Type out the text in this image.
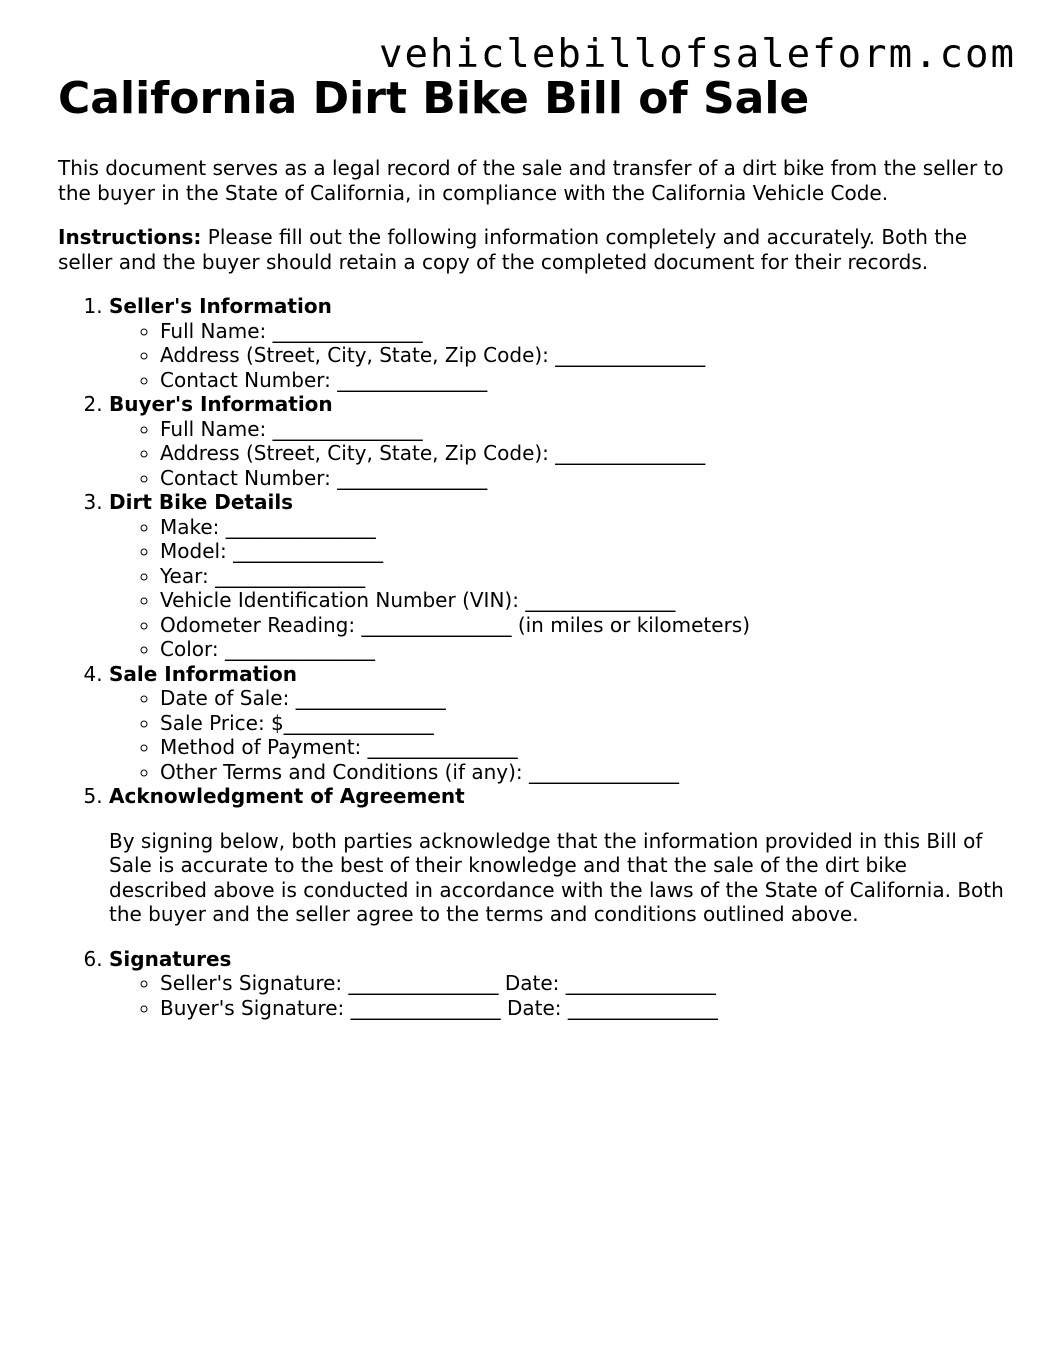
vehiclebillofsaleform.com
California Dirt Bike Bill of Sale

This document serves as a legal record of the sale and transfer of a dirt bike from the seller to the buyer in the State of California, in compliance with the California Vehicle Code.

Instructions: Please fill out the following information completely and accurately. Both the seller and the buyer should retain a copy of the completed document for their records.

1. Seller's Information
◦ Full Name: _______________
◦ Address (Street, City, State, Zip Code): _______________
◦ Contact Number: _______________
2. Buyer's Information
◦ Full Name: _______________
◦ Address (Street, City, State, Zip Code): _______________
◦ Contact Number: _______________
3. Dirt Bike Details
◦ Make: _______________
◦ Model: _______________
◦ Year: _______________
◦ Vehicle Identification Number (VIN): _______________
◦ Odometer Reading: _______________ (in miles or kilometers)
◦ Color: _______________
4. Sale Information
◦ Date of Sale: _______________
◦ Sale Price: $_______________
◦ Method of Payment: _______________
◦ Other Terms and Conditions (if any): _______________
5. Acknowledgment of Agreement

By signing below, both parties acknowledge that the information provided in this Bill of Sale is accurate to the best of their knowledge and that the sale of the dirt bike described above is conducted in accordance with the laws of the State of California. Both the buyer and the seller agree to the terms and conditions outlined above.

6. Signatures
◦ Seller's Signature: _______________ Date: _______________
◦ Buyer's Signature: _______________ Date: _______________
